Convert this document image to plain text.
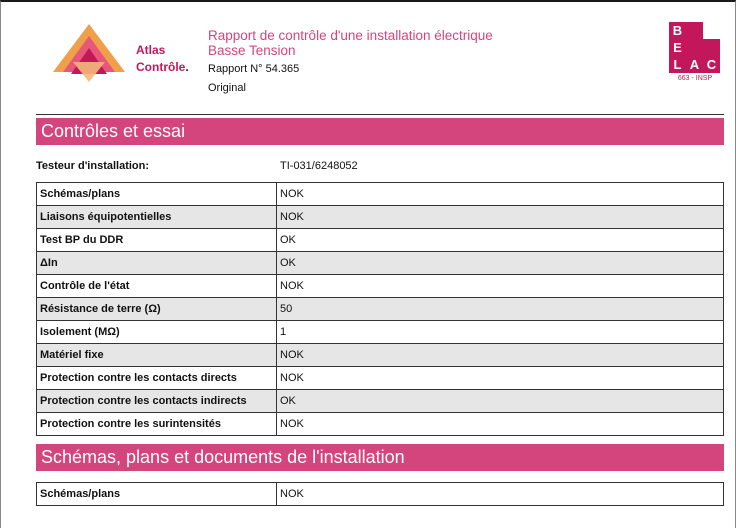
Atlas
Contrôle.
Rapport de contrôle d'une installation électrique
Basse Tension
Rapport N° 54.365
Original
B
E
L A C
663 - INSP
Contrôles et essai
Testeur d'installation:	TI-031/6248052
Schémas/plans	NOK
Liaisons équipotentielles	NOK
Test BP du DDR	OK
ΔIn	OK
Contrôle de l'état	NOK
Résistance de terre (Ω)	50
Isolement (MΩ)	1
Matériel fixe	NOK
Protection contre les contacts directs	NOK
Protection contre les contacts indirects	OK
Protection contre les surintensités	NOK
Schémas, plans et documents de l'installation
Schémas/plans	NOK
